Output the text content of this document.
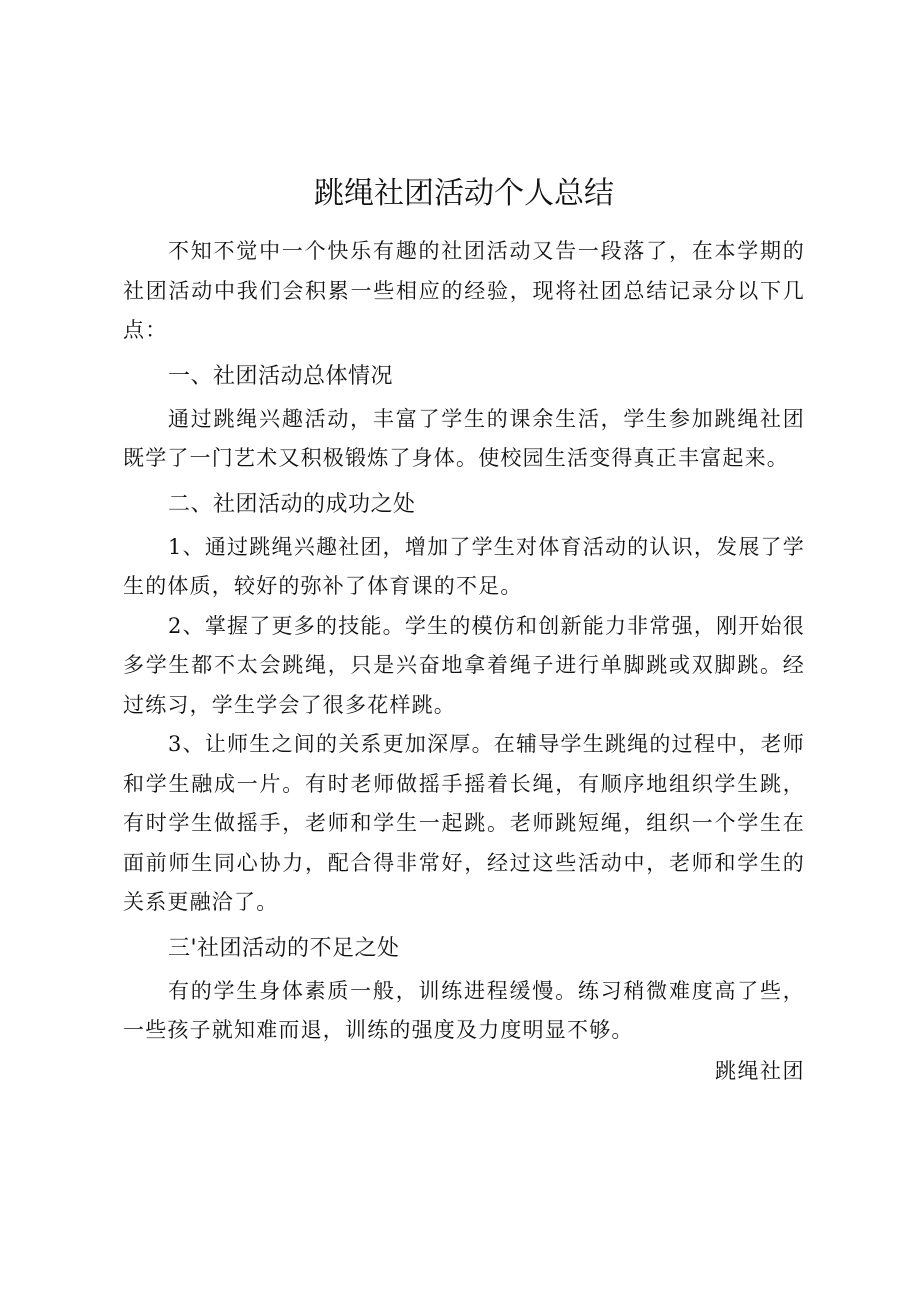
跳绳社团活动个人总结

不知不觉中一个快乐有趣的社团活动又告一段落了，在本学期的社团活动中我们会积累一些相应的经验，现将社团总结记录分以下几点：

一、社团活动总体情况

通过跳绳兴趣活动，丰富了学生的课余生活，学生参加跳绳社团既学了一门艺术又积极锻炼了身体。使校园生活变得真正丰富起来。

二、社团活动的成功之处

1、通过跳绳兴趣社团，增加了学生对体育活动的认识，发展了学生的体质，较好的弥补了体育课的不足。

2、掌握了更多的技能。学生的模仿和创新能力非常强，刚开始很多学生都不太会跳绳，只是兴奋地拿着绳子进行单脚跳或双脚跳。经过练习，学生学会了很多花样跳。

3、让师生之间的关系更加深厚。在辅导学生跳绳的过程中，老师和学生融成一片。有时老师做摇手摇着长绳，有顺序地组织学生跳，有时学生做摇手，老师和学生一起跳。老师跳短绳，组织一个学生在面前师生同心协力，配合得非常好，经过这些活动中，老师和学生的关系更融洽了。

三'社团活动的不足之处

有的学生身体素质一般，训练进程缓慢。练习稍微难度高了些，一些孩子就知难而退，训练的强度及力度明显不够。

跳绳社团
